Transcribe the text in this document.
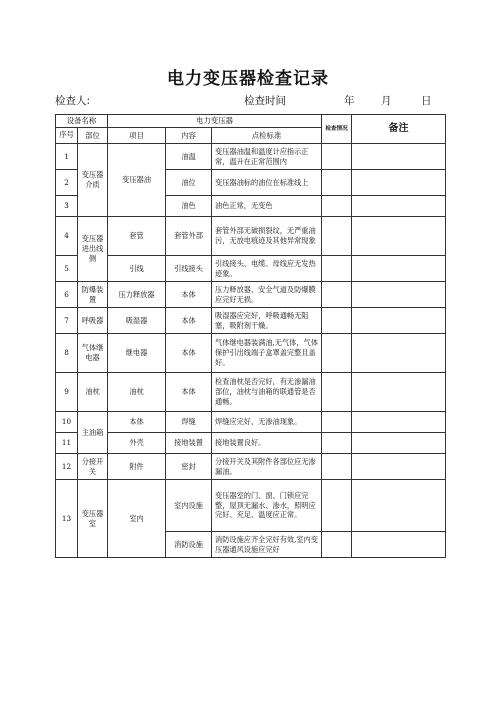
电力变压器检查记录
检查人:	检查时间	年	月	日
设备名称		电力变压器			检查情况	备注
序号	部位	项目	内容	点检标准		
1	变压器介质	变压器油	油温	变压器油温和温度计应指示正常，温升在正常范围内		
2			油位	变压器油标的油位在标准线上		
3			油色	油色正常，无变色		
4	变压器进出线侧	套管	套管外部	套管外部无破损裂纹，无严重油污，无放电痕迹及其他异常现象		
5		引线	引线接头	引线接头、电缆、母线应无发热迹象。		
6	防爆装置	压力释放器	本体	压力释放器，安全气道及防爆膜应完好无损。		
7	呼吸器	吸湿器	本体	吸湿器应完好，呼吸通畅无阻塞，吸附剂干燥。		
8	气体继电器	继电器	本体	气体继电器装满油,无气体，气体保护引出线端子盒罩盖完整且盖好。		
9	油枕	油枕	本体	检查油枕是否完好，有无渗漏油部位，油枕与油箱的联通管是否通畅。		
10	主油箱	本体	焊缝	焊缝应完好，无渗油现象。		
11		外壳	接地装置	接地装置良好。		
12	分接开关	附件	密封	分接开关及其附件各部位应无渗漏油。		
13	变压器室	室内	室内设施	变压器室的门、窗、门锁应完整，屋顶无漏水、渗水，照明应完好、充足、温度应正常。		
			消防设施	消防设施应齐全完好有效,室内变压器通风设施应完好		
